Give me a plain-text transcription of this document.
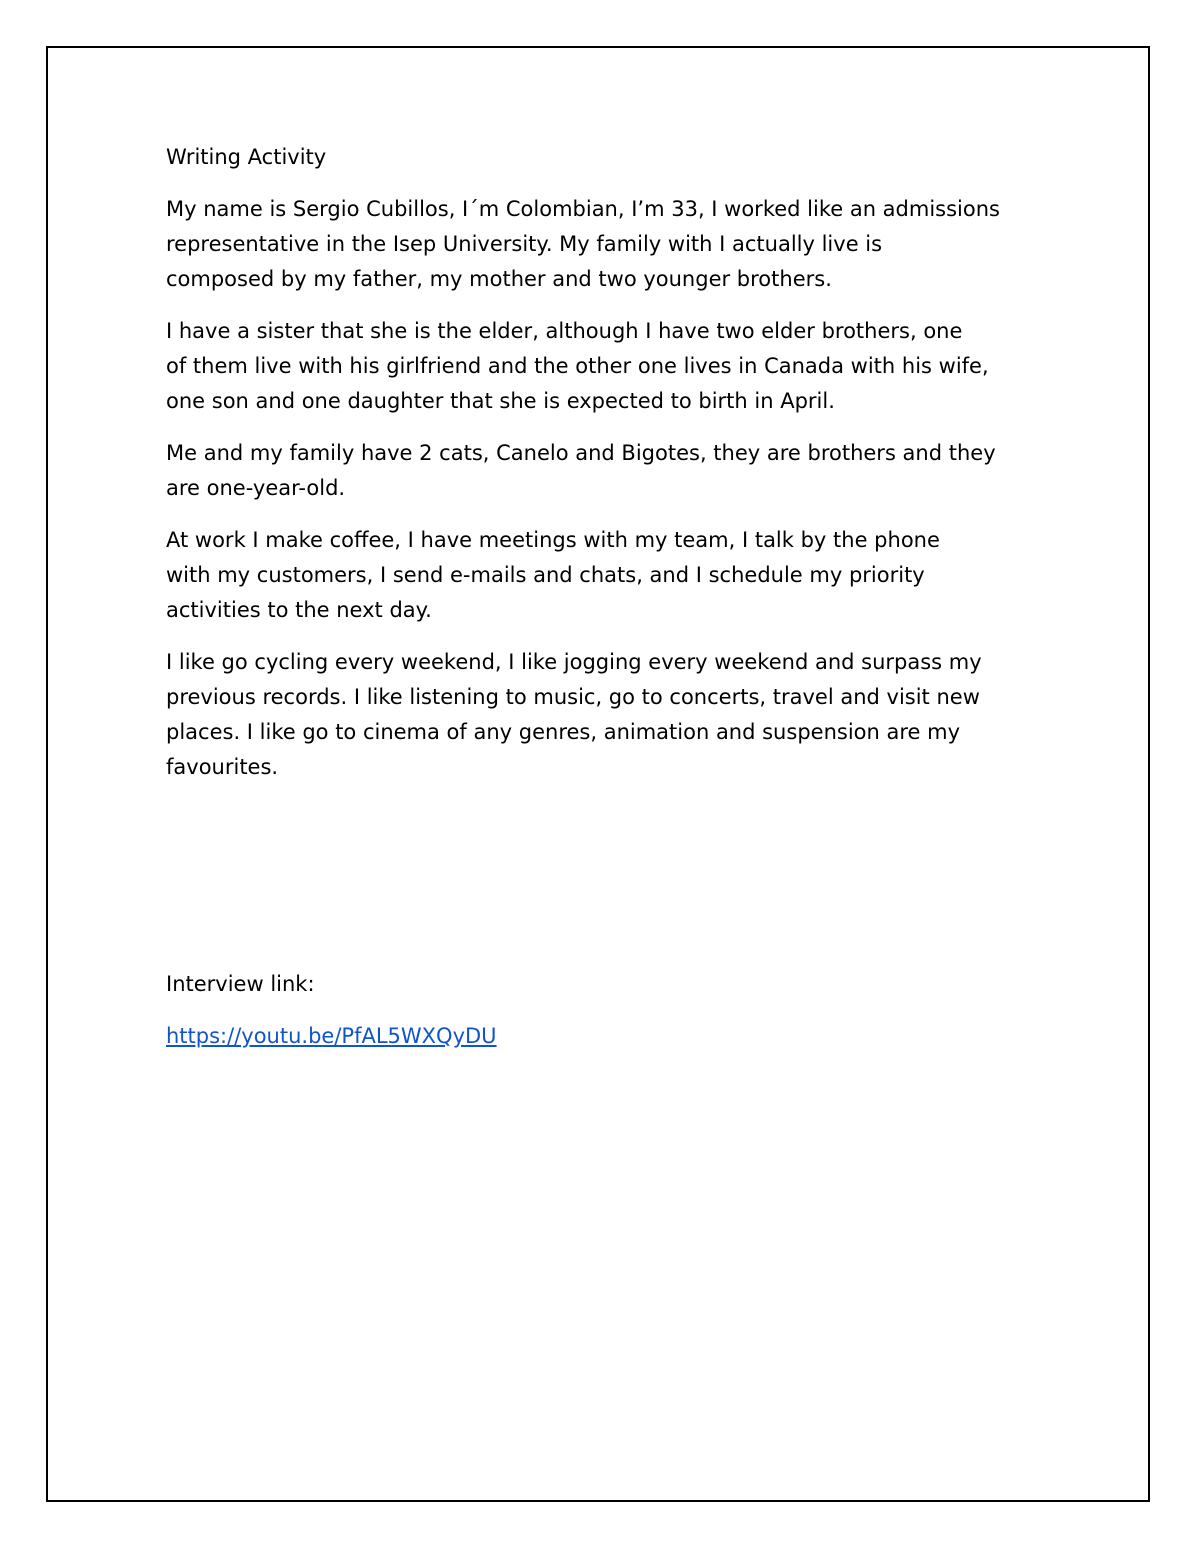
Writing Activity
My name is Sergio Cubillos, I´m Colombian, I’m 33, I worked like an admissions
representative in the Isep University. My family with I actually live is
composed by my father, my mother and two younger brothers.
I have a sister that she is the elder, although I have two elder brothers, one
of them live with his girlfriend and the other one lives in Canada with his wife,
one son and one daughter that she is expected to birth in April.
Me and my family have 2 cats, Canelo and Bigotes, they are brothers and they
are one-year-old.
At work I make coffee, I have meetings with my team, I talk by the phone
with my customers, I send e-mails and chats, and I schedule my priority
activities to the next day.
I like go cycling every weekend, I like jogging every weekend and surpass my
previous records. I like listening to music, go to concerts, travel and visit new
places. I like go to cinema of any genres, animation and suspension are my
favourites.
Interview link:
https://youtu.be/PfAL5WXQyDU
